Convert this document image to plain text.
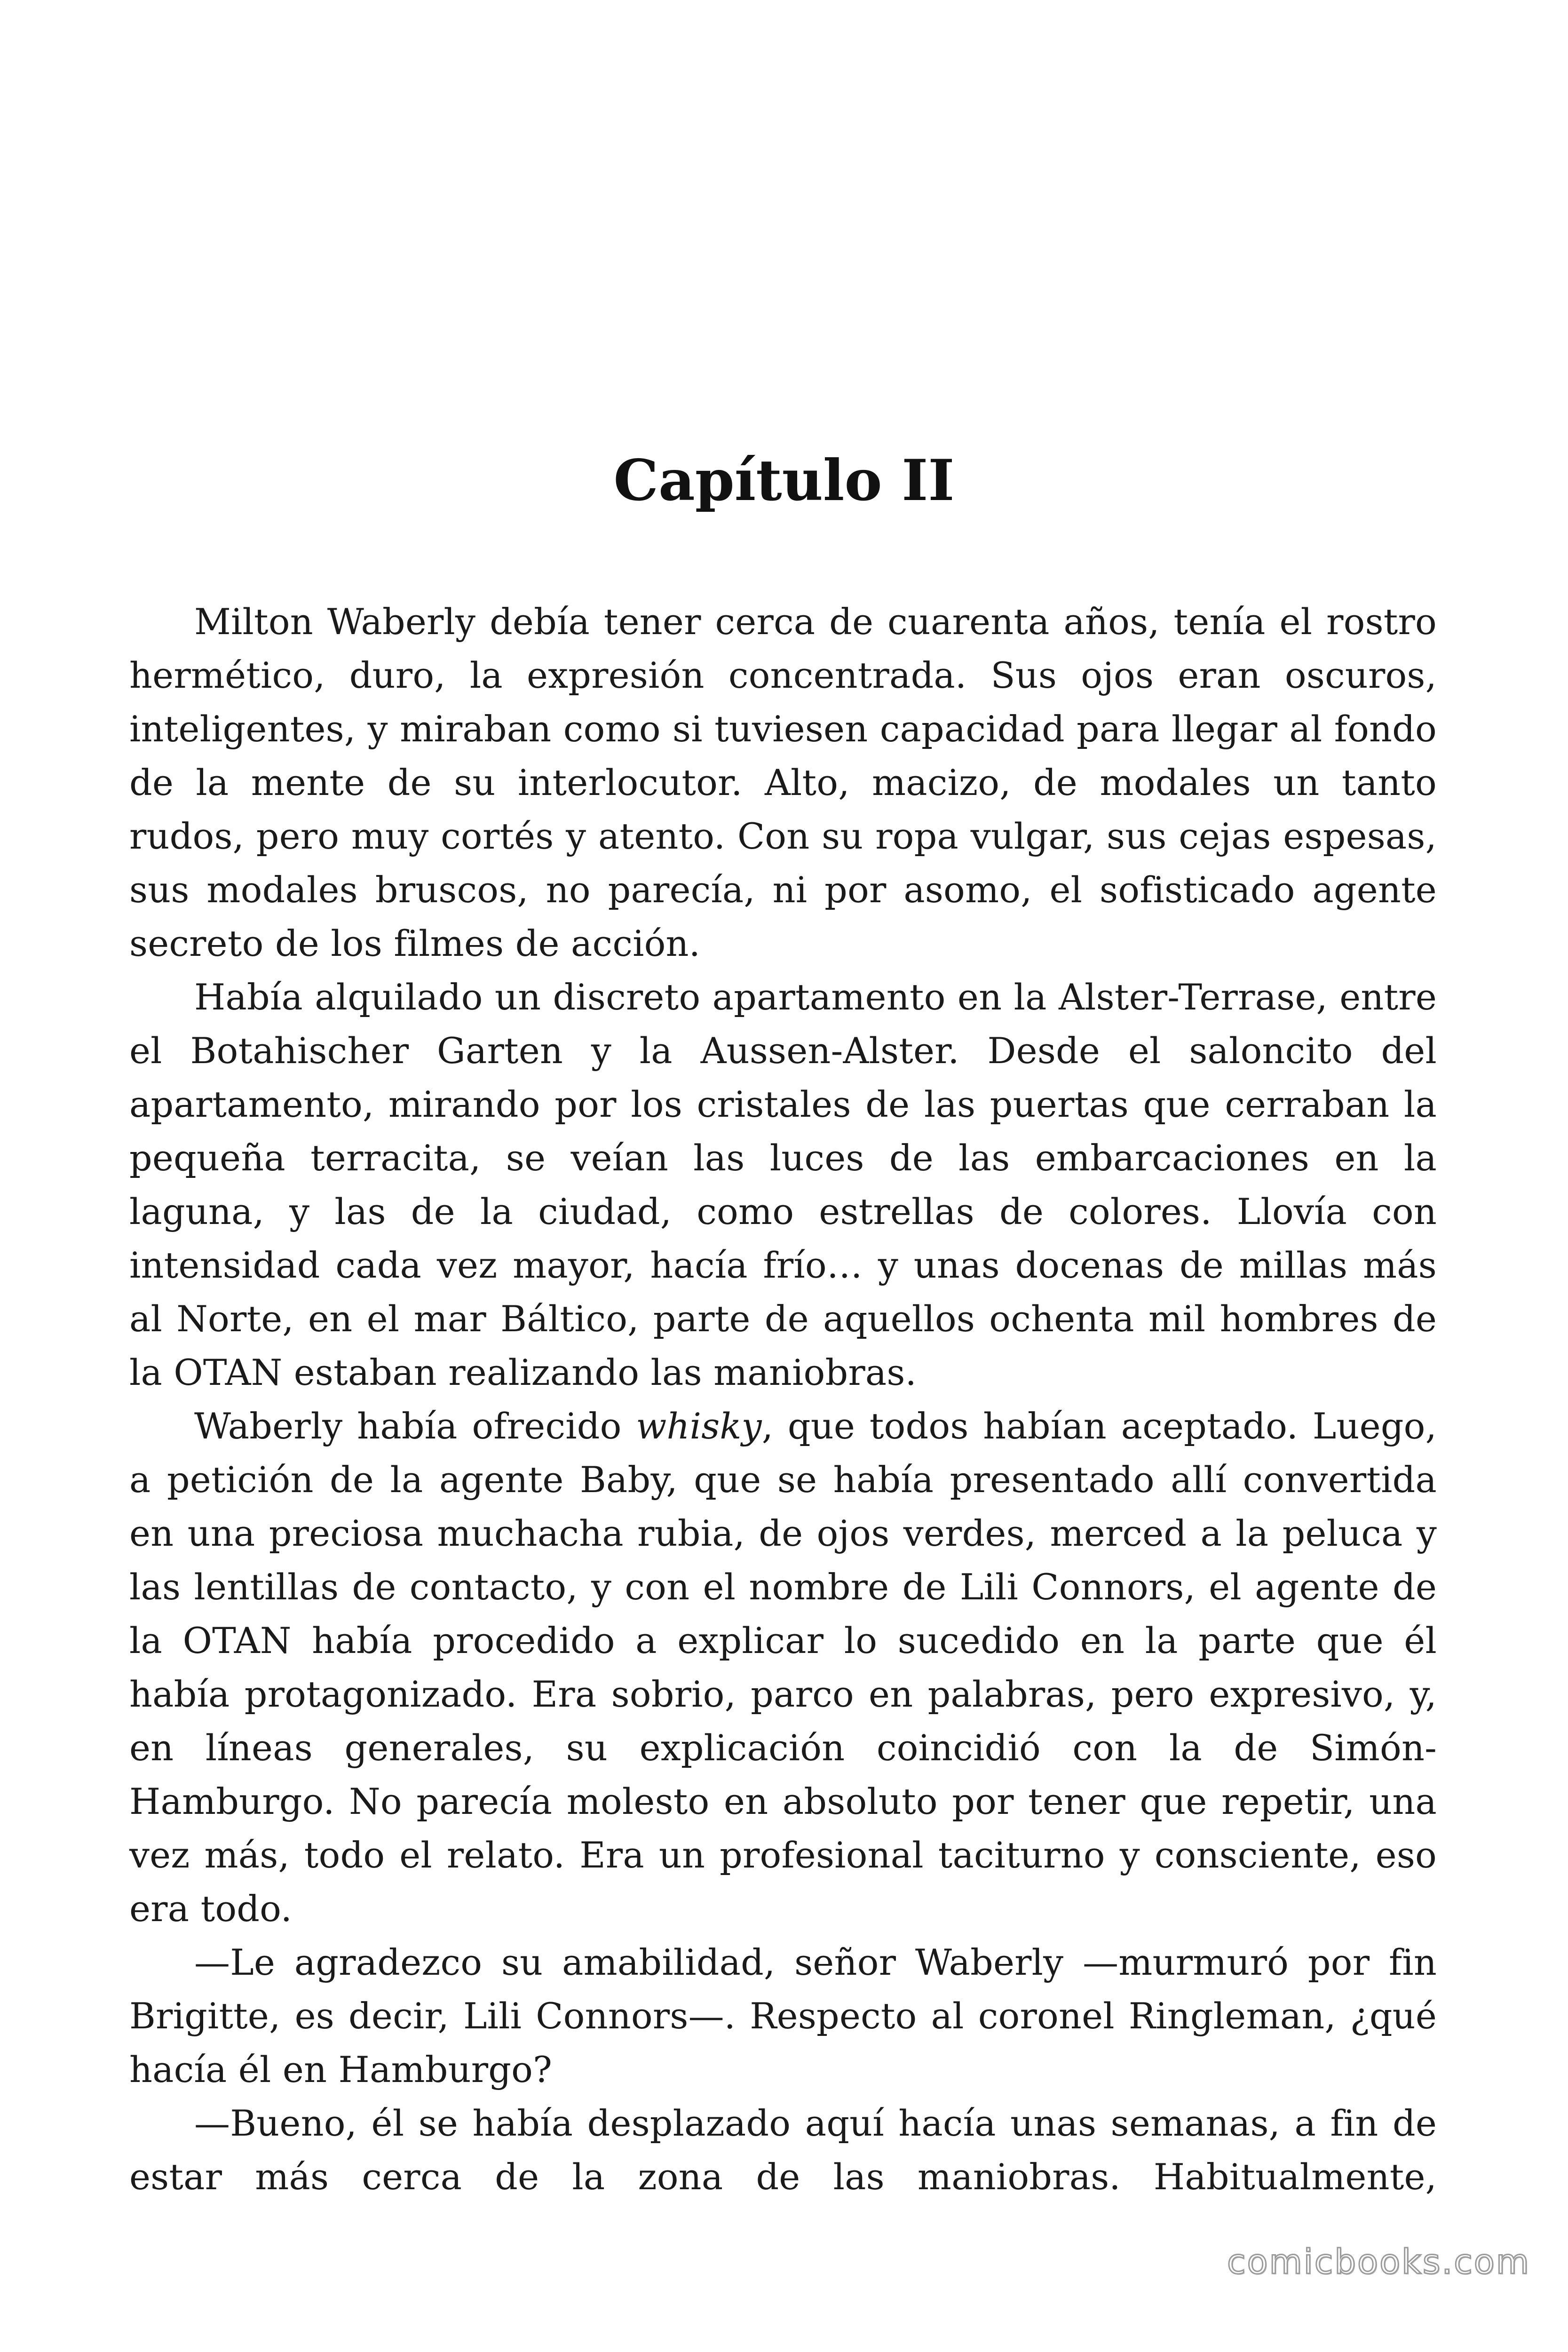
Capítulo II

Milton Waberly debía tener cerca de cuarenta años, tenía el rostro hermético, duro, la expresión concentrada. Sus ojos eran oscuros, inteligentes, y miraban como si tuviesen capacidad para llegar al fondo de la mente de su interlocutor. Alto, macizo, de modales un tanto rudos, pero muy cortés y atento. Con su ropa vulgar, sus cejas espesas, sus modales bruscos, no parecía, ni por asomo, el sofisticado agente secreto de los filmes de acción.

Había alquilado un discreto apartamento en la Alster-Terrase, entre el Botahischer Garten y la Aussen-Alster. Desde el saloncito del apartamento, mirando por los cristales de las puertas que cerraban la pequeña terracita, se veían las luces de las embarcaciones en la laguna, y las de la ciudad, como estrellas de colores. Llovía con intensidad cada vez mayor, hacía frío… y unas docenas de millas más al Norte, en el mar Báltico, parte de aquellos ochenta mil hombres de la OTAN estaban realizando las maniobras.

Waberly había ofrecido whisky, que todos habían aceptado. Luego, a petición de la agente Baby, que se había presentado allí convertida en una preciosa muchacha rubia, de ojos verdes, merced a la peluca y las lentillas de contacto, y con el nombre de Lili Connors, el agente de la OTAN había procedido a explicar lo sucedido en la parte que él había protagonizado. Era sobrio, parco en palabras, pero expresivo, y, en líneas generales, su explicación coincidió con la de Simón-Hamburgo. No parecía molesto en absoluto por tener que repetir, una vez más, todo el relato. Era un profesional taciturno y consciente, eso era todo.

—Le agradezco su amabilidad, señor Waberly —murmuró por fin Brigitte, es decir, Lili Connors—. Respecto al coronel Ringleman, ¿qué hacía él en Hamburgo?

—Bueno, él se había desplazado aquí hacía unas semanas, a fin de estar más cerca de la zona de las maniobras. Habitualmente,

comicbooks.com
